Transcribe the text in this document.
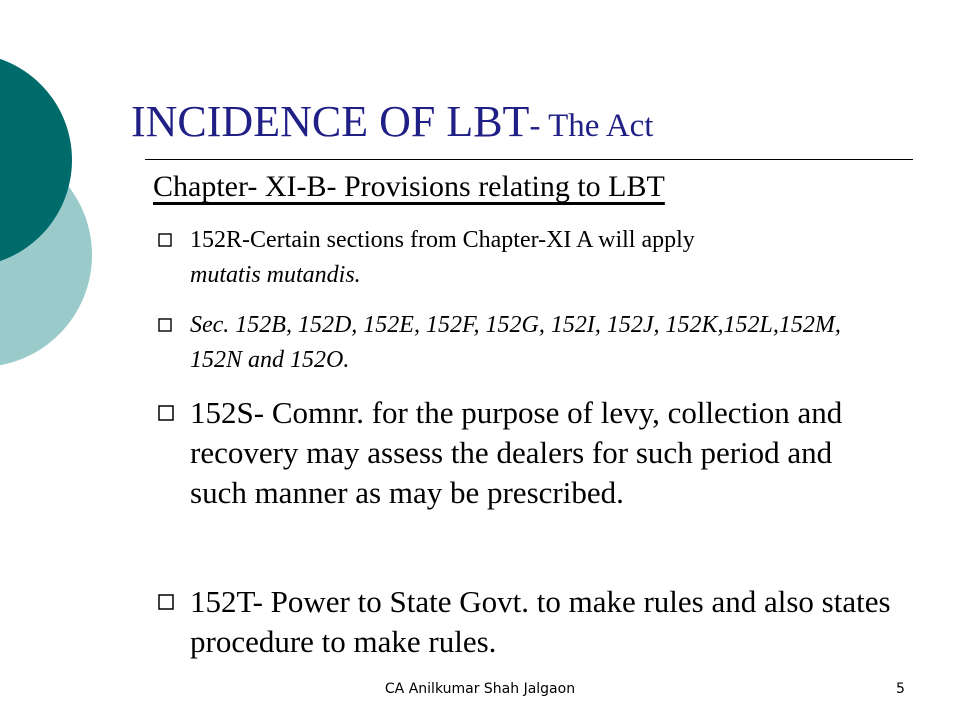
INCIDENCE OF LBT- The Act
Chapter- XI-B- Provisions relating to LBT
152R-Certain sections from Chapter-XI A will apply
mutatis mutandis.
Sec. 152B, 152D, 152E, 152F, 152G, 152I, 152J, 152K,152L,152M, 152N and 152O.
152S- Comnr. for the purpose of levy, collection and recovery may assess the dealers for such period and such manner as may be prescribed.
152T- Power to State Govt. to make rules and also states procedure to make rules.
CA Anilkumar Shah Jalgaon	5
